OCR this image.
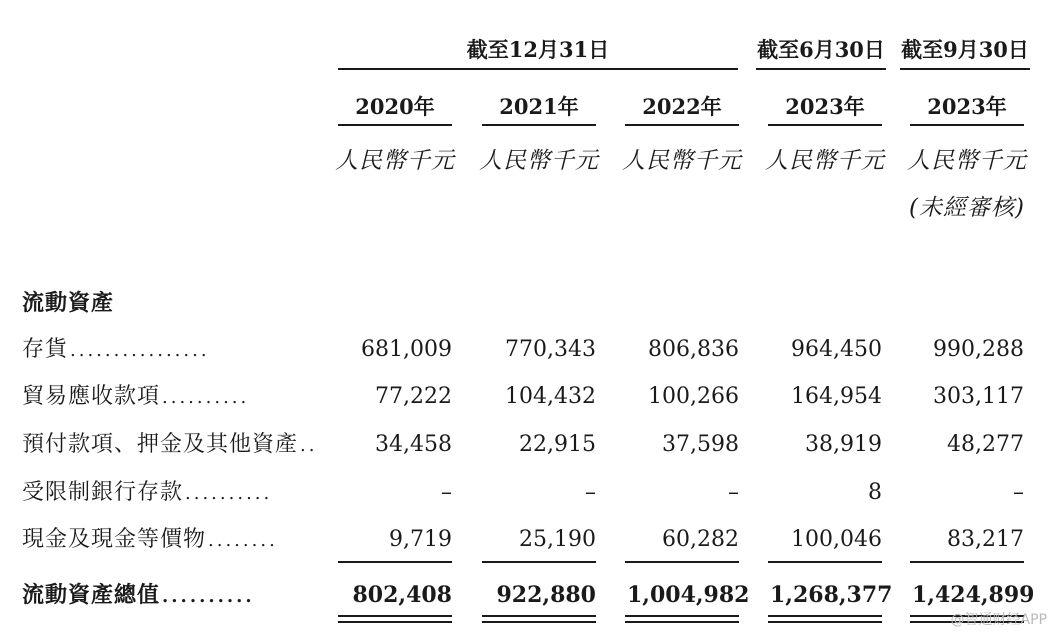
截至12月31日	截至6月30日 截至9月30日
2020年	2021年	2022年	2023年	2023年
人民幣千元 人民幣千元 人民幣千元 人民幣千元 人民幣千元
(未經審核)
流動資產
存貨 ................	681,009	770,343	806,836	964,450	990,288
貿易應收款項 ..........	77,222	104,432	100,266	164,954	303,117
預付款項、押金及其他資產 ..	34,458	22,915	37,598	38,919	48,277
受限制銀行存款 ..........	–	–	–	8	–
現金及現金等價物 ........	9,719	25,190	60,282	100,046	83,217
流動資產總值 ..........	802,408	922,880 1,004,982 1,268,377 1,424,899
@智通财经APP
